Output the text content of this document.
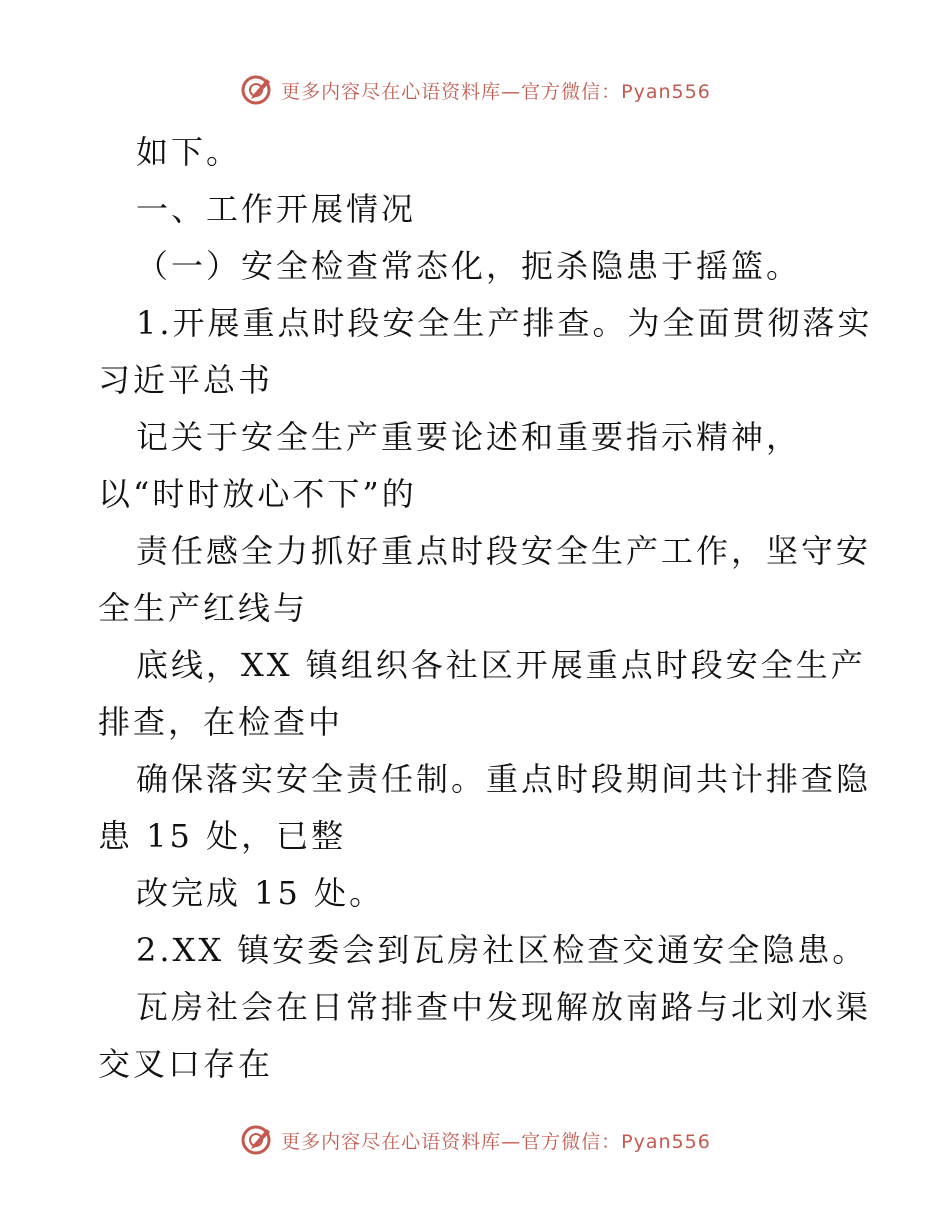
更多内容尽在心语资料库—官方微信：Pyan556
如下。
一、工作开展情况
（一）安全检查常态化，扼杀隐患于摇篮。
1.开展重点时段安全生产排查。为全面贯彻落实
习近平总书
记关于安全生产重要论述和重要指示精神，
以“时时放心不下”的
责任感全力抓好重点时段安全生产工作，坚守安
全生产红线与
底线，XX 镇组织各社区开展重点时段安全生产
排查，在检查中
确保落实安全责任制。重点时段期间共计排查隐
患 15 处，已整
改完成 15 处。
2.XX 镇安委会到瓦房社区检查交通安全隐患。
瓦房社会在日常排查中发现解放南路与北刘水渠
交叉口存在
更多内容尽在心语资料库—官方微信：Pyan556
